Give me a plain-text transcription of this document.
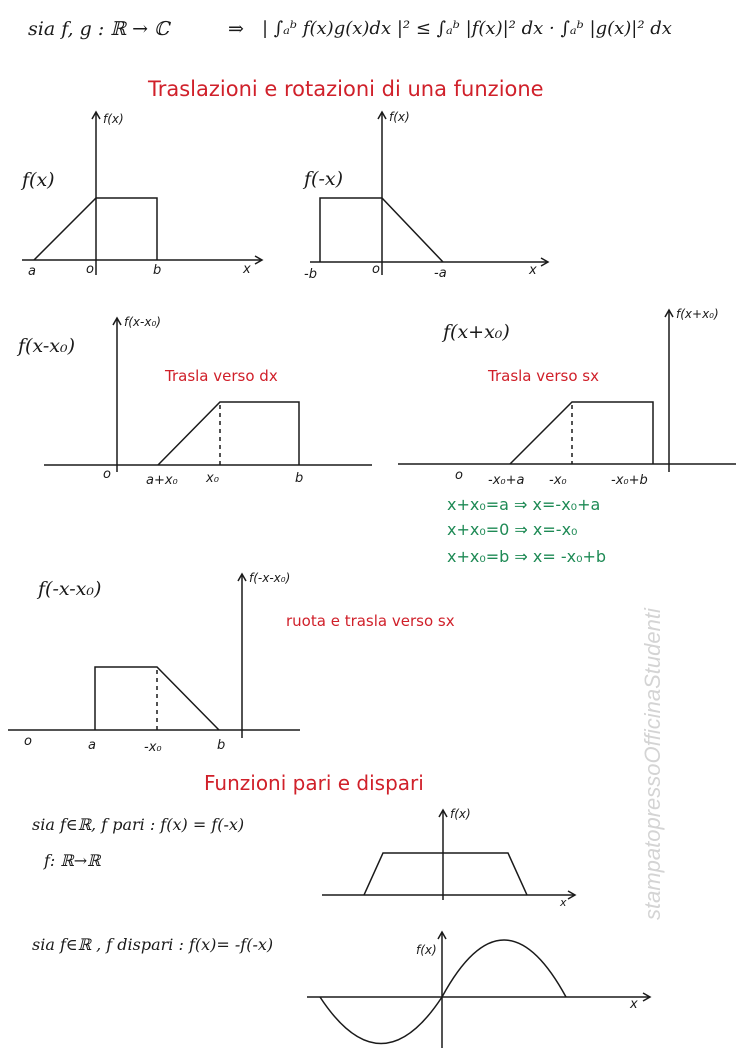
sia f, g : ℝ → ℂ	⇒ | ∫ₐᵇ f(x)g(x)dx |² ≤ ∫ₐᵇ |f(x)|² dx · ∫ₐᵇ |g(x)|² dx
Traslazioni e rotazioni di una funzione
f(x)
f(x)
a	o	b	x
f(-x)
f(x)
-b	o	-a	x
f(x-x₀)
f(x-x₀)
Trasla verso dx
o	a+x₀ x₀	b
f(x+x₀)
f(x+x₀)
Trasla verso sx
o -x₀+a -x₀	-x₀+b
x+x₀=a ⇒ x=-x₀+a
x+x₀=0 ⇒ x=-x₀
x+x₀=b ⇒ x= -x₀+b
f(-x-x₀)	f(-x-x₀)
ruota e trasla verso sx
o	a	-x₀	b
Funzioni pari e dispari
sia f∈ℝ, f pari : f(x) = f(-x)
f: ℝ→ℝ
f(x)
x
sia f∈ℝ , f dispari : f(x)= -f(-x)	f(x)
x
stampatopressoOfficinaStudenti
